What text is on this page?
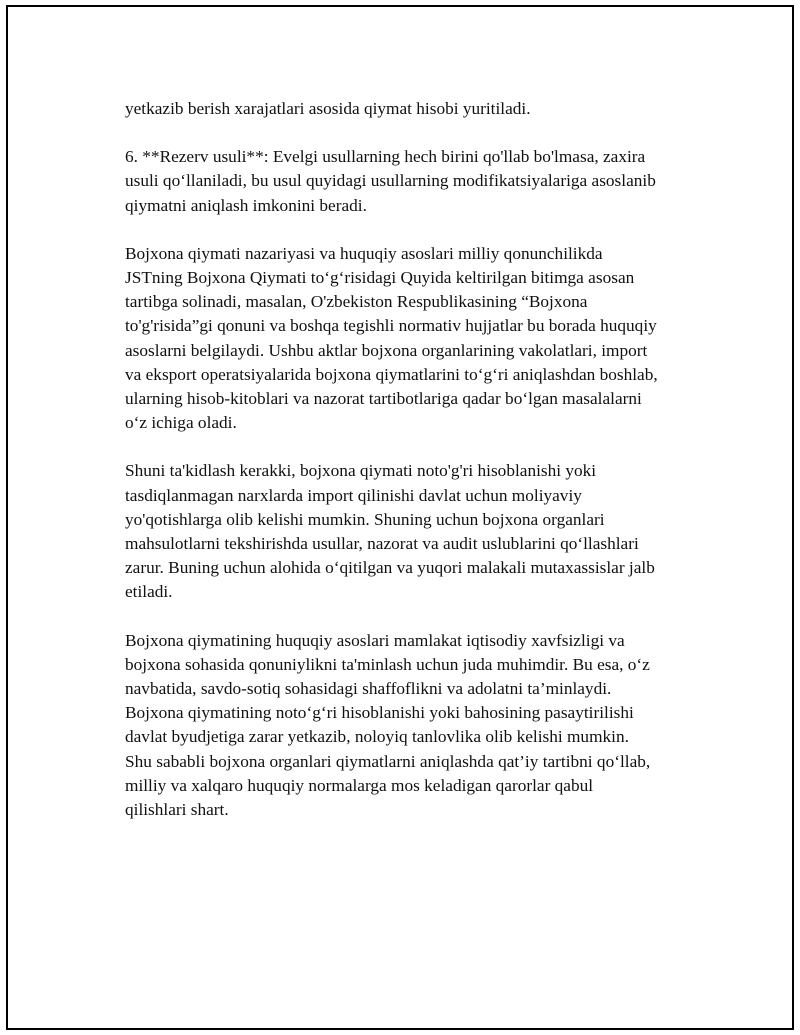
yetkazib berish xarajatlari asosida qiymat hisobi yuritiladi.

6. **Rezerv usuli**: Evelgi usullarning hech birini qo'llab bo'lmasa, zaxira
usuli qo‘llaniladi, bu usul quyidagi usullarning modifikatsiyalariga asoslanib
qiymatni aniqlash imkonini beradi.

Bojxona qiymati nazariyasi va huquqiy asoslari milliy qonunchilikda
JSTning Bojxona Qiymati to‘g‘risidagi Quyida keltirilgan bitimga asosan
tartibga solinadi, masalan, O'zbekiston Respublikasining “Bojxona
to'g'risida”gi qonuni va boshqa tegishli normativ hujjatlar bu borada huquqiy
asoslarni belgilaydi. Ushbu aktlar bojxona organlarining vakolatlari, import
va eksport operatsiyalarida bojxona qiymatlarini to‘g‘ri aniqlashdan boshlab,
ularning hisob-kitoblari va nazorat tartibotlariga qadar bo‘lgan masalalarni
o‘z ichiga oladi.

Shuni ta'kidlash kerakki, bojxona qiymati noto'g'ri hisoblanishi yoki
tasdiqlanmagan narxlarda import qilinishi davlat uchun moliyaviy
yo'qotishlarga olib kelishi mumkin. Shuning uchun bojxona organlari
mahsulotlarni tekshirishda usullar, nazorat va audit uslublarini qo‘llashlari
zarur. Buning uchun alohida o‘qitilgan va yuqori malakali mutaxassislar jalb
etiladi.

Bojxona qiymatining huquqiy asoslari mamlakat iqtisodiy xavfsizligi va
bojxona sohasida qonuniylikni ta'minlash uchun juda muhimdir. Bu esa, o‘z
navbatida, savdo-sotiq sohasidagi shaffoflikni va adolatni ta’minlaydi.
Bojxona qiymatining noto‘g‘ri hisoblanishi yoki bahosining pasaytirilishi
davlat byudjetiga zarar yetkazib, noloyiq tanlovlika olib kelishi mumkin.
Shu sababli bojxona organlari qiymatlarni aniqlashda qat’iy tartibni qo‘llab,
milliy va xalqaro huquqiy normalarga mos keladigan qarorlar qabul
qilishlari shart.
